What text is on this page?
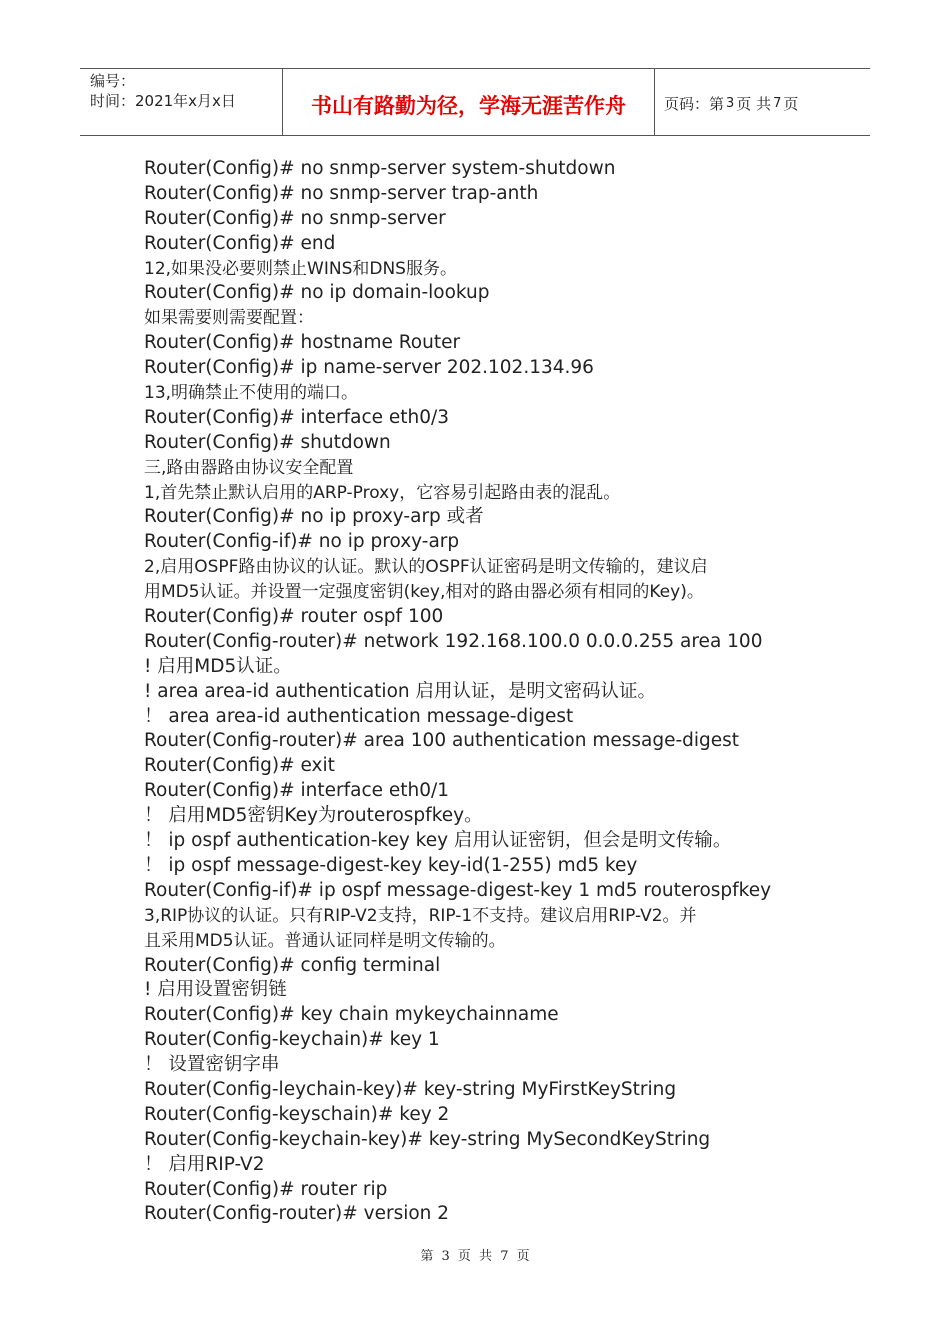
编号：
时间：2021年x月x日	书山有路勤为径，学海无涯苦作舟	页码：第 3 页 共 7 页
Router(Config)# no snmp-server system-shutdown
Router(Config)# no snmp-server trap-anth
Router(Config)# no snmp-server
Router(Config)# end
12,如果没必要则禁止WINS和DNS服务。
Router(Config)# no ip domain-lookup
如果需要则需要配置：
Router(Config)# hostname Router
Router(Config)# ip name-server 202.102.134.96
13,明确禁止不使用的端口。
Router(Config)# interface eth0/3
Router(Config)# shutdown
三,路由器路由协议安全配置
1,首先禁止默认启用的ARP-Proxy，它容易引起路由表的混乱。
Router(Config)# no ip proxy-arp 或者
Router(Config-if)# no ip proxy-arp
2,启用OSPF路由协议的认证。默认的OSPF认证密码是明文传输的，建议启
用MD5认证。并设置一定强度密钥(key,相对的路由器必须有相同的Key)。
Router(Config)# router ospf 100
Router(Config-router)# network 192.168.100.0 0.0.0.255 area 100
! 启用MD5认证。
! area area-id authentication 启用认证，是明文密码认证。
！ area area-id authentication message-digest
Router(Config-router)# area 100 authentication message-digest
Router(Config)# exit
Router(Config)# interface eth0/1
！ 启用MD5密钥Key为routerospfkey。
！ ip ospf authentication-key key 启用认证密钥，但会是明文传输。
！ ip ospf message-digest-key key-id(1-255) md5 key
Router(Config-if)# ip ospf message-digest-key 1 md5 routerospfkey
3,RIP协议的认证。只有RIP-V2支持，RIP-1不支持。建议启用RIP-V2。并
且采用MD5认证。普通认证同样是明文传输的。
Router(Config)# config terminal
! 启用设置密钥链
Router(Config)# key chain mykeychainname
Router(Config-keychain)# key 1
！ 设置密钥字串
Router(Config-leychain-key)# key-string MyFirstKeyString
Router(Config-keyschain)# key 2
Router(Config-keychain-key)# key-string MySecondKeyString
！ 启用RIP-V2
Router(Config)# router rip
Router(Config-router)# version 2
第 3 页 共 7 页
